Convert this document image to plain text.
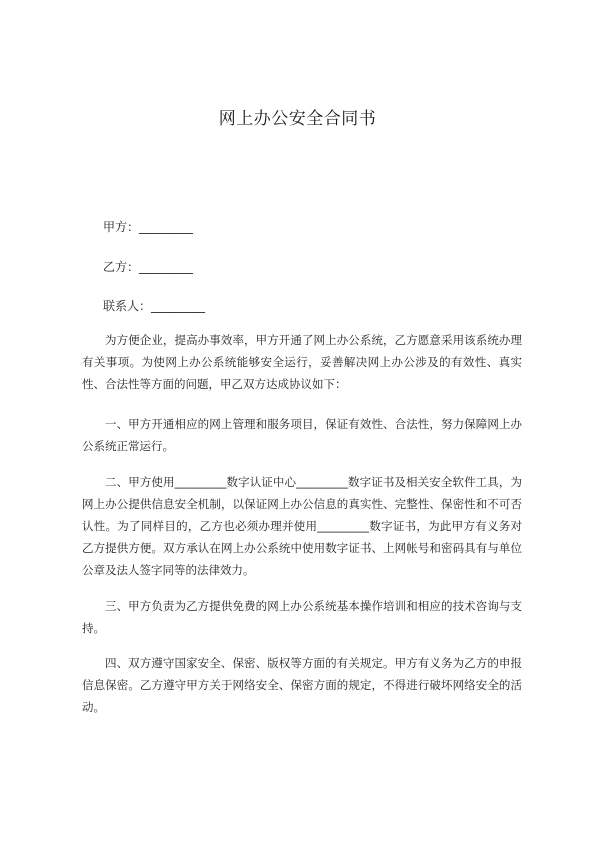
网上办公安全合同书
甲方：_________
乙方：_________
联系人：_________
为方便企业，提高办事效率，甲方开通了网上办公系统，乙方愿意采用该系统办理有关事项。为使网上办公系统能够安全运行，妥善解决网上办公涉及的有效性、真实性、合法性等方面的问题，甲乙双方达成协议如下：
一、甲方开通相应的网上管理和服务项目，保证有效性、合法性，努力保障网上办公系统正常运行。
二、甲方使用_________数字认证中心_________数字证书及相关安全软件工具，为网上办公提供信息安全机制，以保证网上办公信息的真实性、完整性、保密性和不可否认性。为了同样目的，乙方也必须办理并使用_________数字证书，为此甲方有义务对乙方提供方便。双方承认在网上办公系统中使用数字证书、上网帐号和密码具有与单位公章及法人签字同等的法律效力。
三、甲方负责为乙方提供免费的网上办公系统基本操作培训和相应的技术咨询与支持。
四、双方遵守国家安全、保密、版权等方面的有关规定。甲方有义务为乙方的申报信息保密。乙方遵守甲方关于网络安全、保密方面的规定，不得进行破坏网络安全的活动。
